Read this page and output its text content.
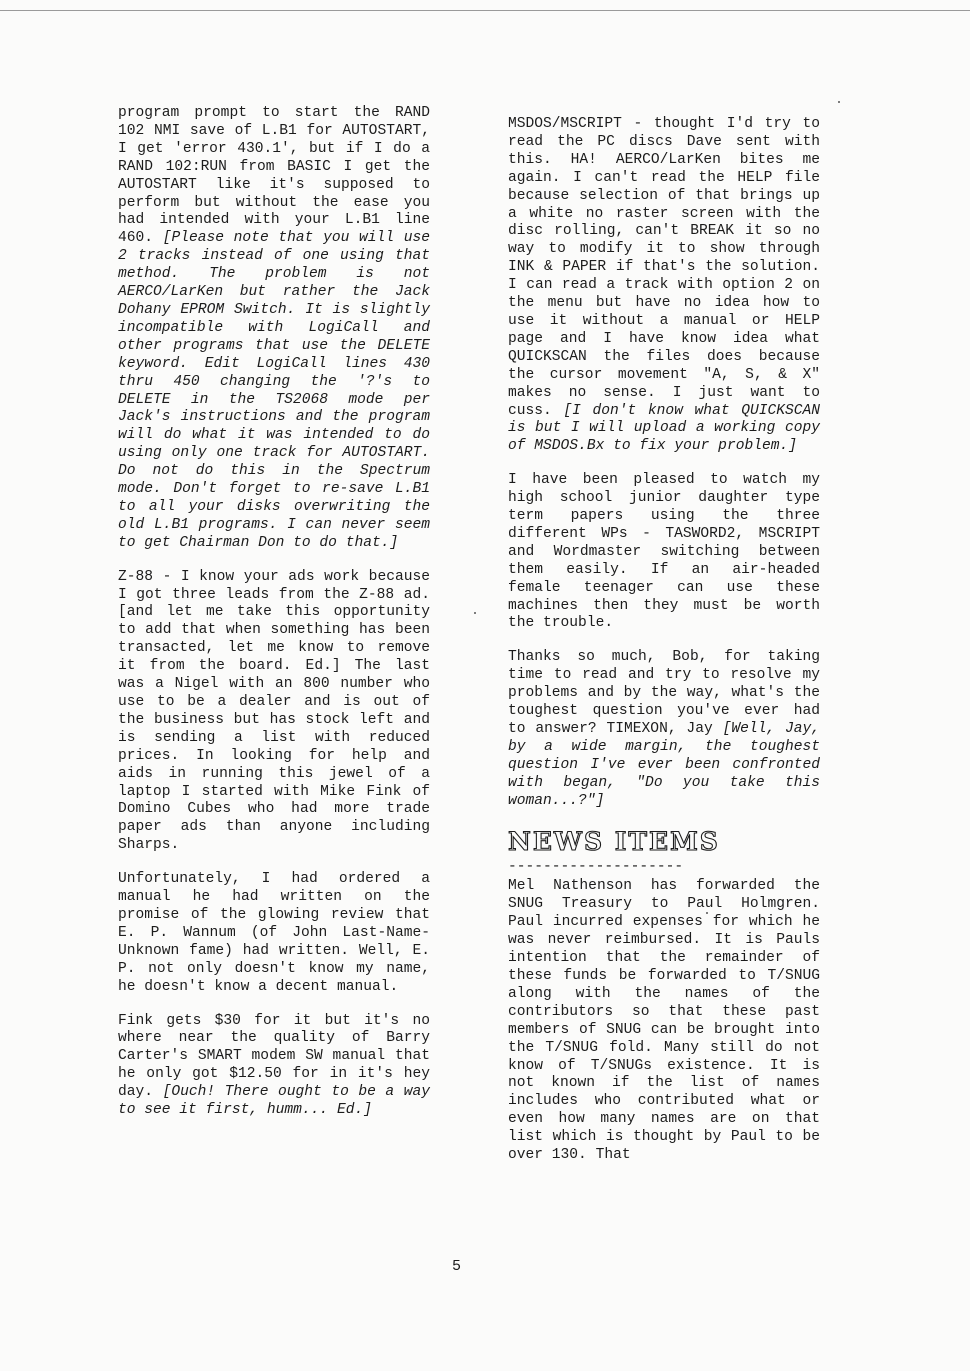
program prompt to start the RAND 102 NMI save of L.B1 for AUTOSTART, I get 'error 430.1', but if I do a RAND 102:RUN from BASIC I get the AUTOSTART like it's supposed to perform but without the ease you had intended with your L.B1 line 460. [Please note that you will use 2 tracks instead of one using that method. The problem is not AERCO/LarKen but rather the Jack Dohany EPROM Switch. It is slightly incompatible with LogiCall and other programs that use the DELETE keyword. Edit LogiCall lines 430 thru 450 changing the '?'s to DELETE in the TS2068 mode per Jack's instructions and the program will do what it was intended to do using only one track for AUTOSTART. Do not do this in the Spectrum mode. Don't forget to re-save L.B1 to all your disks overwriting the old L.B1 programs. I can never seem to get Chairman Don to do that.]

Z-88 - I know your ads work because I got three leads from the Z-88 ad. [and let me take this opportunity to add that when something has been transacted, let me know to remove it from the board. Ed.] The last was a Nigel with an 800 number who use to be a dealer and is out of the business but has stock left and is sending a list with reduced prices. In looking for help and aids in running this jewel of a laptop I started with Mike Fink of Domino Cubes who had more trade paper ads than anyone including Sharps.

Unfortunately, I had ordered a manual he had written on the promise of the glowing review that E. P. Wannum (of John Last-Name-Unknown fame) had written. Well, E. P. not only doesn't know my name, he doesn't know a decent manual.

Fink gets $30 for it but it's no where near the quality of Barry Carter's SMART modem SW manual that he only got $12.50 for in it's hey day. [Ouch! There ought to be a way to see it first, humm... Ed.]

MSDOS/MSCRIPT - thought I'd try to read the PC discs Dave sent with this. HA! AERCO/LarKen bites me again. I can't read the HELP file because selection of that brings up a white no raster screen with the disc rolling, can't BREAK it so no way to modify it to show through INK & PAPER if that's the solution. I can read a track with option 2 on the menu but have no idea how to use it without a manual or HELP page and I have know idea what QUICKSCAN the files does because the cursor movement "A, S, & X" makes no sense. I just want to cuss. [I don't know what QUICKSCAN is but I will upload a working copy of MSDOS.Bx to fix your problem.]

I have been pleased to watch my high school junior daughter type term papers using the three different WPs - TASWORD2, MSCRIPT and Wordmaster switching between them easily. If an air-headed female teenager can use these machines then they must be worth the trouble.

Thanks so much, Bob, for taking time to read and try to resolve my problems and by the way, what's the toughest question you've ever had to answer? TIMEXON, Jay [Well, Jay, by a wide margin, the toughest question I've ever been confronted with began, "Do you take this woman...?"]

NEWS ITEMS
--------------------

Mel Nathenson has forwarded the SNUG Treasury to Paul Holmgren. Paul incurred expenses for which he was never reimbursed. It is Pauls intention that the remainder of these funds be forwarded to T/SNUG along with the names of the contributors so that these past members of SNUG can be brought into the T/SNUG fold. Many still do not know of T/SNUGs existence. It is not known if the list of names includes who contributed what or even how many names are on that list which is thought by Paul to be over 130. That

5
